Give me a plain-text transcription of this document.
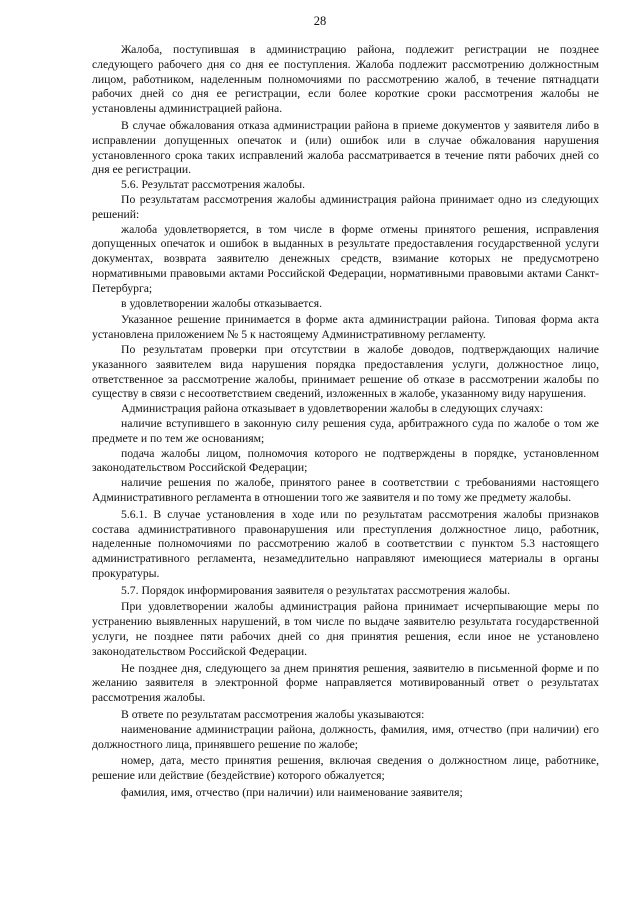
28

Жалоба, поступившая в администрацию района, подлежит регистрации не позднее следующего рабочего дня со дня ее поступления. Жалоба подлежит рассмотрению должностным лицом, работником, наделенным полномочиями по рассмотрению жалоб, в течение пятнадцати рабочих дней со дня ее регистрации, если более короткие сроки рассмотрения жалобы не установлены администрацией района.

В случае обжалования отказа администрации района в приеме документов у заявителя либо в исправлении допущенных опечаток и (или) ошибок или в случае обжалования нарушения установленного срока таких исправлений жалоба рассматривается в течение пяти рабочих дней со дня ее регистрации.

5.6. Результат рассмотрения жалобы.

По результатам рассмотрения жалобы администрация района принимает одно из следующих решений:

жалоба удовлетворяется, в том числе в форме отмены принятого решения, исправления допущенных опечаток и ошибок в выданных в результате предоставления государственной услуги документах, возврата заявителю денежных средств, взимание которых не предусмотрено нормативными правовыми актами Российской Федерации, нормативными правовыми актами Санкт-Петербурга;

в удовлетворении жалобы отказывается.

Указанное решение принимается в форме акта администрации района. Типовая форма акта установлена приложением № 5 к настоящему Административному регламенту.

По результатам проверки при отсутствии в жалобе доводов, подтверждающих наличие указанного заявителем вида нарушения порядка предоставления услуги, должностное лицо, ответственное за рассмотрение жалобы, принимает решение об отказе в рассмотрении жалобы по существу в связи с несоответствием сведений, изложенных в жалобе, указанному виду нарушения.

Администрация района отказывает в удовлетворении жалобы в следующих случаях:

наличие вступившего в законную силу решения суда, арбитражного суда по жалобе о том же предмете и по тем же основаниям;

подача жалобы лицом, полномочия которого не подтверждены в порядке, установленном законодательством Российской Федерации;

наличие решения по жалобе, принятого ранее в соответствии с требованиями настоящего Административного регламента в отношении того же заявителя и по тому же предмету жалобы.

5.6.1. В случае установления в ходе или по результатам рассмотрения жалобы признаков состава административного правонарушения или преступления должностное лицо, работник, наделенные полномочиями по рассмотрению жалоб в соответствии с пунктом 5.3 настоящего административного регламента, незамедлительно направляют имеющиеся материалы в органы прокуратуры.

5.7. Порядок информирования заявителя о результатах рассмотрения жалобы.

При удовлетворении жалобы администрация района принимает исчерпывающие меры по устранению выявленных нарушений, в том числе по выдаче заявителю результата государственной услуги, не позднее пяти рабочих дней со дня принятия решения, если иное не установлено законодательством Российской Федерации.

Не позднее дня, следующего за днем принятия решения, заявителю в письменной форме и по желанию заявителя в электронной форме направляется мотивированный ответ о результатах рассмотрения жалобы.

В ответе по результатам рассмотрения жалобы указываются:

наименование администрации района, должность, фамилия, имя, отчество (при наличии) его должностного лица, принявшего решение по жалобе;

номер, дата, место принятия решения, включая сведения о должностном лице, работнике, решение или действие (бездействие) которого обжалуется;

фамилия, имя, отчество (при наличии) или наименование заявителя;
